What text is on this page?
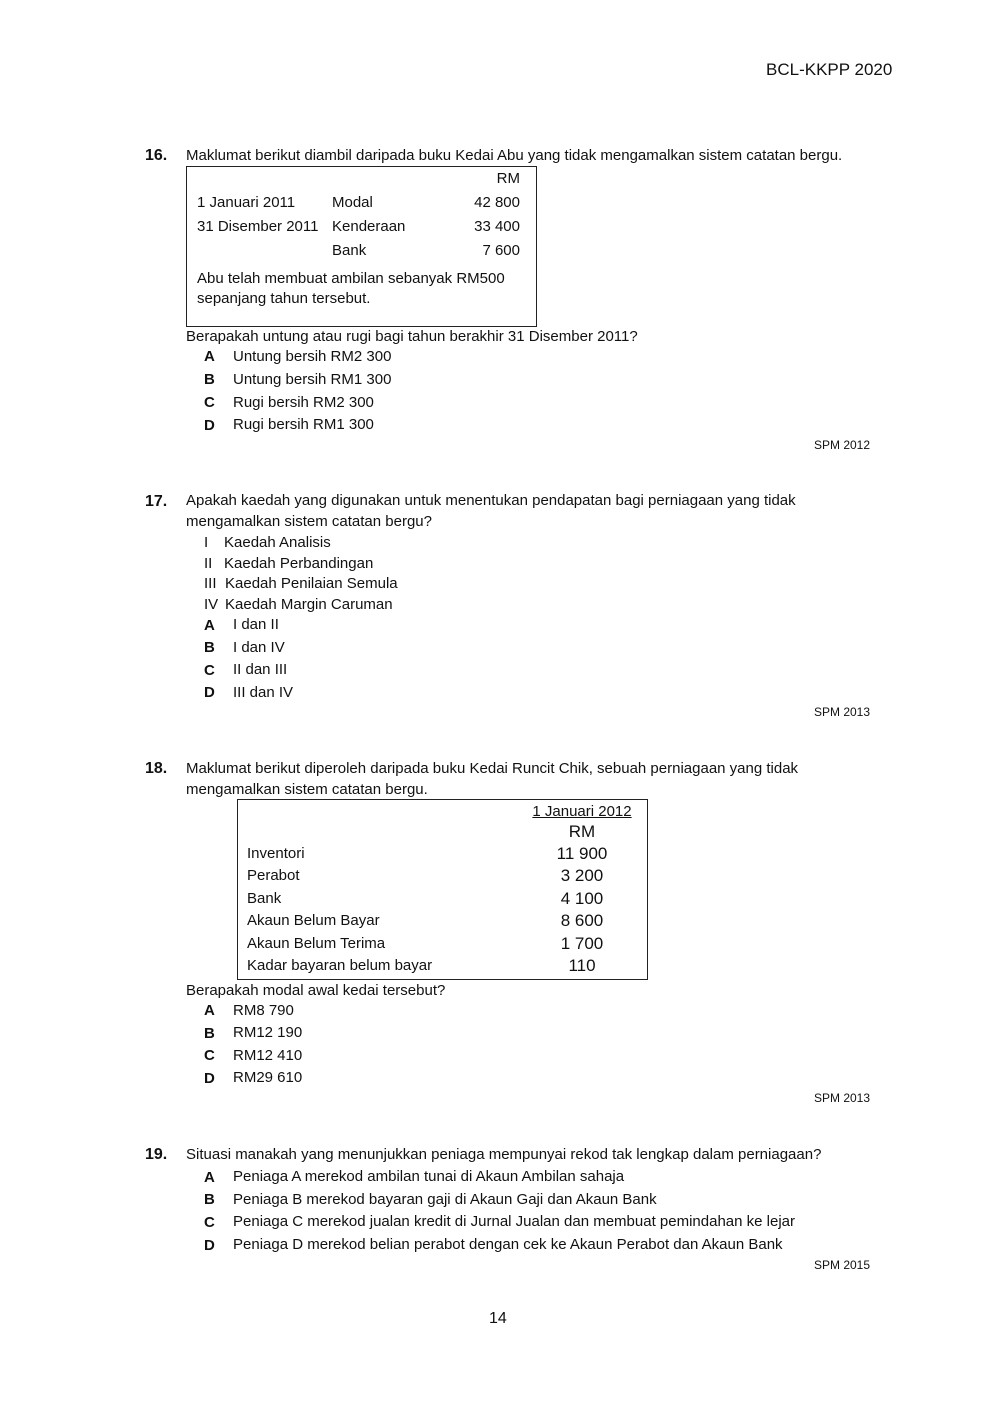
BCL-KKPP 2020
16. Maklumat berikut diambil daripada buku Kedai Abu yang tidak mengamalkan sistem catatan bergu.
RM
1 Januari 2011 Modal	42 800
31 Disember 2011 Kenderaan	33 400
Bank	7 600
Abu telah membuat ambilan sebanyak RM500
sepanjang tahun tersebut.
Berapakah untung atau rugi bagi tahun berakhir 31 Disember 2011?
A Untung bersih RM2 300
B Untung bersih RM1 300
C Rugi bersih RM2 300
D Rugi bersih RM1 300
SPM 2012
17. Apakah kaedah yang digunakan untuk menentukan pendapatan bagi perniagaan yang tidak
mengamalkan sistem catatan bergu?
I Kaedah Analisis
II Kaedah Perbandingan
III Kaedah Penilaian Semula
IV Kaedah Margin Caruman
A I dan II
B I dan IV
C II dan III
D III dan IV
SPM 2013
18. Maklumat berikut diperoleh daripada buku Kedai Runcit Chik, sebuah perniagaan yang tidak
mengamalkan sistem catatan bergu.
1 Januari 2012
RM
Inventori	11 900
Perabot	3 200
Bank	4 100
Akaun Belum Bayar	8 600
Akaun Belum Terima	1 700
Kadar bayaran belum bayar	110
Berapakah modal awal kedai tersebut?
A RM8 790
B RM12 190
C RM12 410
D RM29 610
SPM 2013
19. Situasi manakah yang menunjukkan peniaga mempunyai rekod tak lengkap dalam perniagaan?
A Peniaga A merekod ambilan tunai di Akaun Ambilan sahaja
B Peniaga B merekod bayaran gaji di Akaun Gaji dan Akaun Bank
C Peniaga C merekod jualan kredit di Jurnal Jualan dan membuat pemindahan ke lejar
D Peniaga D merekod belian perabot dengan cek ke Akaun Perabot dan Akaun Bank
SPM 2015
14
